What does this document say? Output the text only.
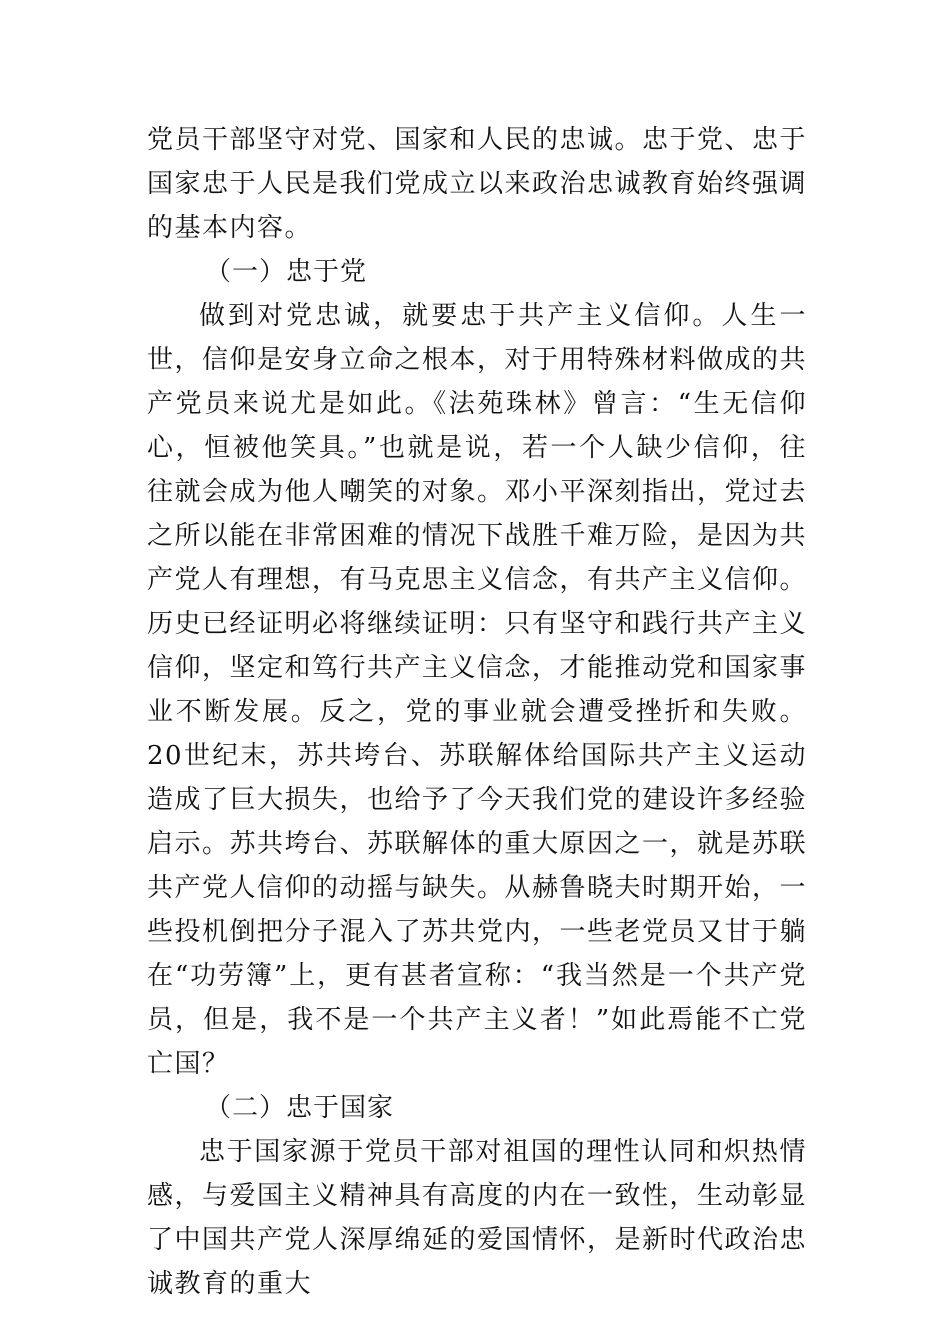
党员干部坚守对党、国家和人民的忠诚。忠于党、忠于国家忠于人民是我们党成立以来政治忠诚教育始终强调的基本内容。

（一）忠于党

做到对党忠诚，就要忠于共产主义信仰。人生一世，信仰是安身立命之根本，对于用特殊材料做成的共产党员来说尤是如此。《法苑珠林》曾言：“生无信仰心，恒被他笑具。”也就是说，若一个人缺少信仰，往往就会成为他人嘲笑的对象。邓小平深刻指出，党过去之所以能在非常困难的情况下战胜千难万险，是因为共产党人有理想，有马克思主义信念，有共产主义信仰。历史已经证明必将继续证明：只有坚守和践行共产主义信仰，坚定和笃行共产主义信念，才能推动党和国家事业不断发展。反之，党的事业就会遭受挫折和失败。20世纪末，苏共垮台、苏联解体给国际共产主义运动造成了巨大损失，也给予了今天我们党的建设许多经验启示。苏共垮台、苏联解体的重大原因之一，就是苏联共产党人信仰的动摇与缺失。从赫鲁晓夫时期开始，一些投机倒把分子混入了苏共党内，一些老党员又甘于躺在“功劳簿”上，更有甚者宣称：“我当然是一个共产党员，但是，我不是一个共产主义者！”如此焉能不亡党亡国？

（二）忠于国家

忠于国家源于党员干部对祖国的理性认同和炽热情感，与爱国主义精神具有高度的内在一致性，生动彰显了中国共产党人深厚绵延的爱国情怀，是新时代政治忠诚教育的重大
